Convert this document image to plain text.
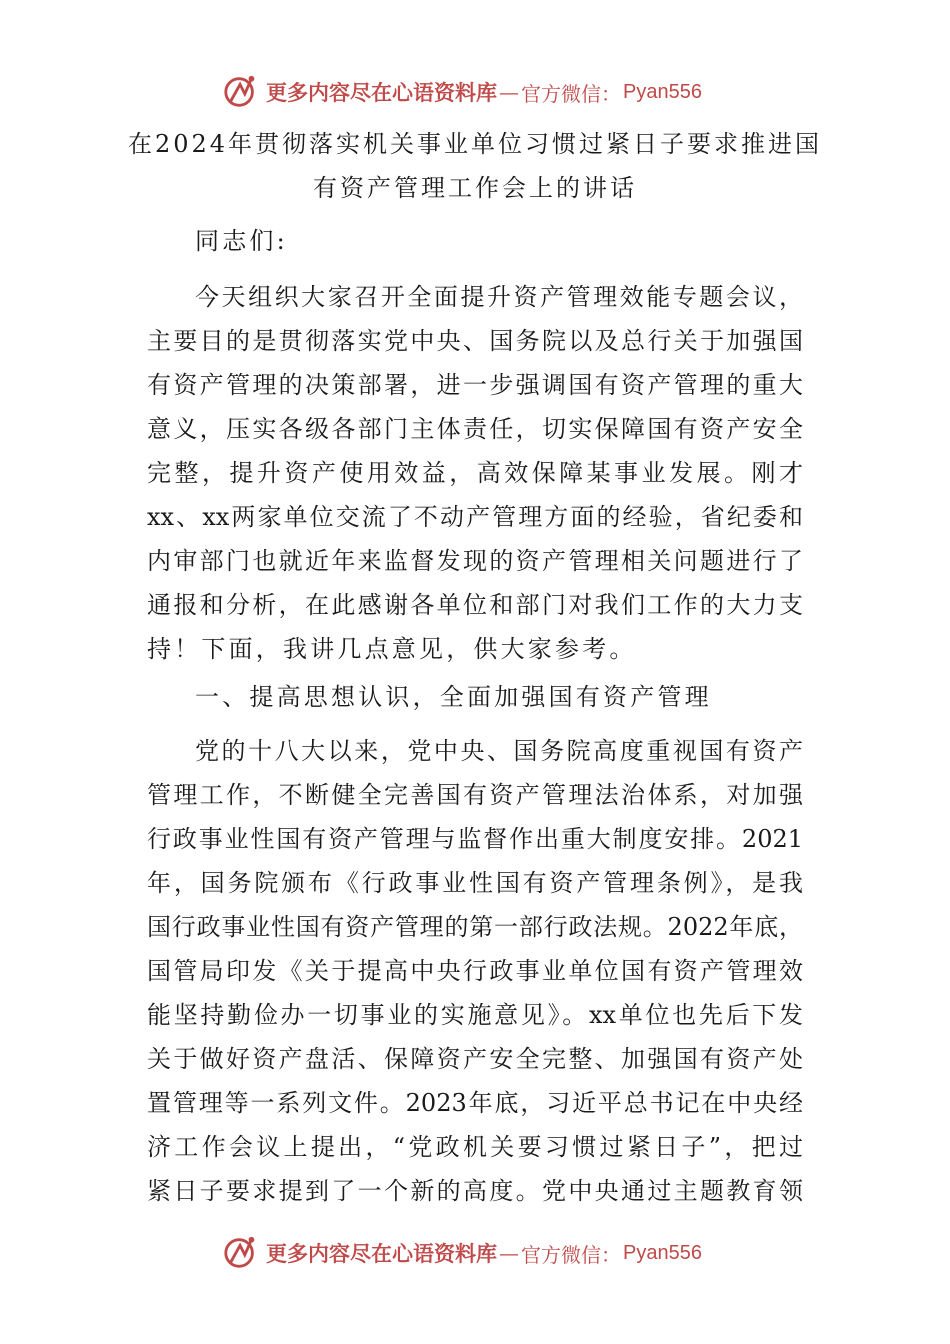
更多内容尽在心语资料库 — 官方微信： Pyan556
在2024年贯彻落实机关事业单位习惯过紧日子要求推进国
有资产管理工作会上的讲话
同志们:
今天组织大家召开全面提升资产管理效能专题会议，
主要目的是贯彻落实党中央、国务院以及总行关于加强国
有资产管理的决策部署，进一步强调国有资产管理的重大
意义，压实各级各部门主体责任，切实保障国有资产安全
完整，提升资产使用效益，高效保障某事业发展。刚才
xx、xx两家单位交流了不动产管理方面的经验，省纪委和
内审部门也就近年来监督发现的资产管理相关问题进行了
通报和分析，在此感谢各单位和部门对我们工作的大力支
持！下面，我讲几点意见，供大家参考。
一、提高思想认识，全面加强国有资产管理
党的十八大以来，党中央、国务院高度重视国有资产
管理工作，不断健全完善国有资产管理法治体系，对加强
行政事业性国有资产管理与监督作出重大制度安排。2021
年，国务院颁布《行政事业性国有资产管理条例》，是我
国行政事业性国有资产管理的第一部行政法规。2022年底，
国管局印发《关于提高中央行政事业单位国有资产管理效
能坚持勤俭办一切事业的实施意见》。xx单位也先后下发
关于做好资产盘活、保障资产安全完整、加强国有资产处
置管理等一系列文件。2023年底，习近平总书记在中央经
济工作会议上提出，“党政机关要习惯过紧日子”，把过
紧日子要求提到了一个新的高度。党中央通过主题教育领
更多内容尽在心语资料库 — 官方微信： Pyan556
